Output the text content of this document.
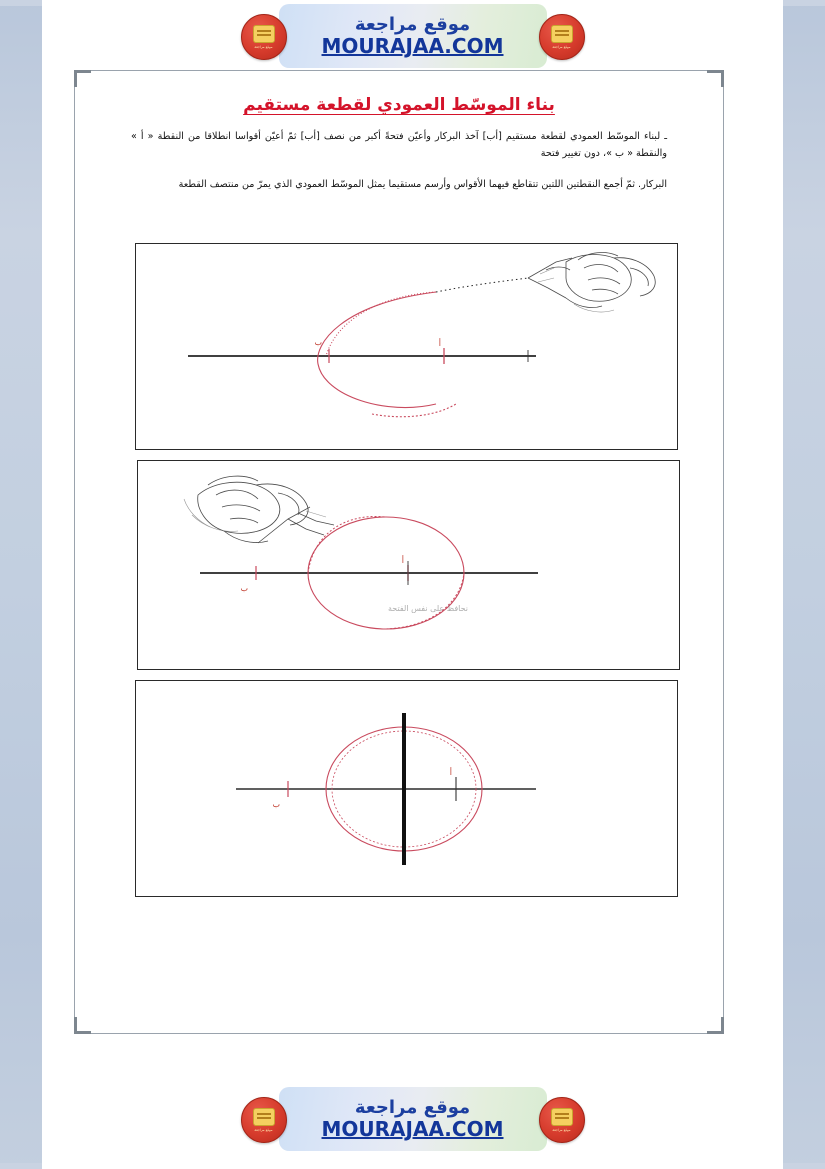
موقع مراجعة	موقع مراجعة
موقع مراجعة
MOURAJAA.COM
بناء الموسّط العمودي لقطعة مستقيم
ـ لبناء الموسّط العمودي لقطعة مستقيم [أب] آخذ البركار وأعيّن فتحةً أكبر من نصف [أب] ثمّ أعيّن أقواسا انطلاقا من النقطة « أ » والنقطة « ب »، دون تغيير فتحة
البركار. ثمّ أجمع النقطتين اللتين تتقاطع فيهما الأقواس وأرسم مستقيما يمثل الموسّط العمودي الذي يمرّ من منتصف القطعة
ب	أ
ب
أ
نحافظ على نفس الفتحة
ب
أ
موقع مراجعة	موقع مراجعة
موقع مراجعة
MOURAJAA.COM
